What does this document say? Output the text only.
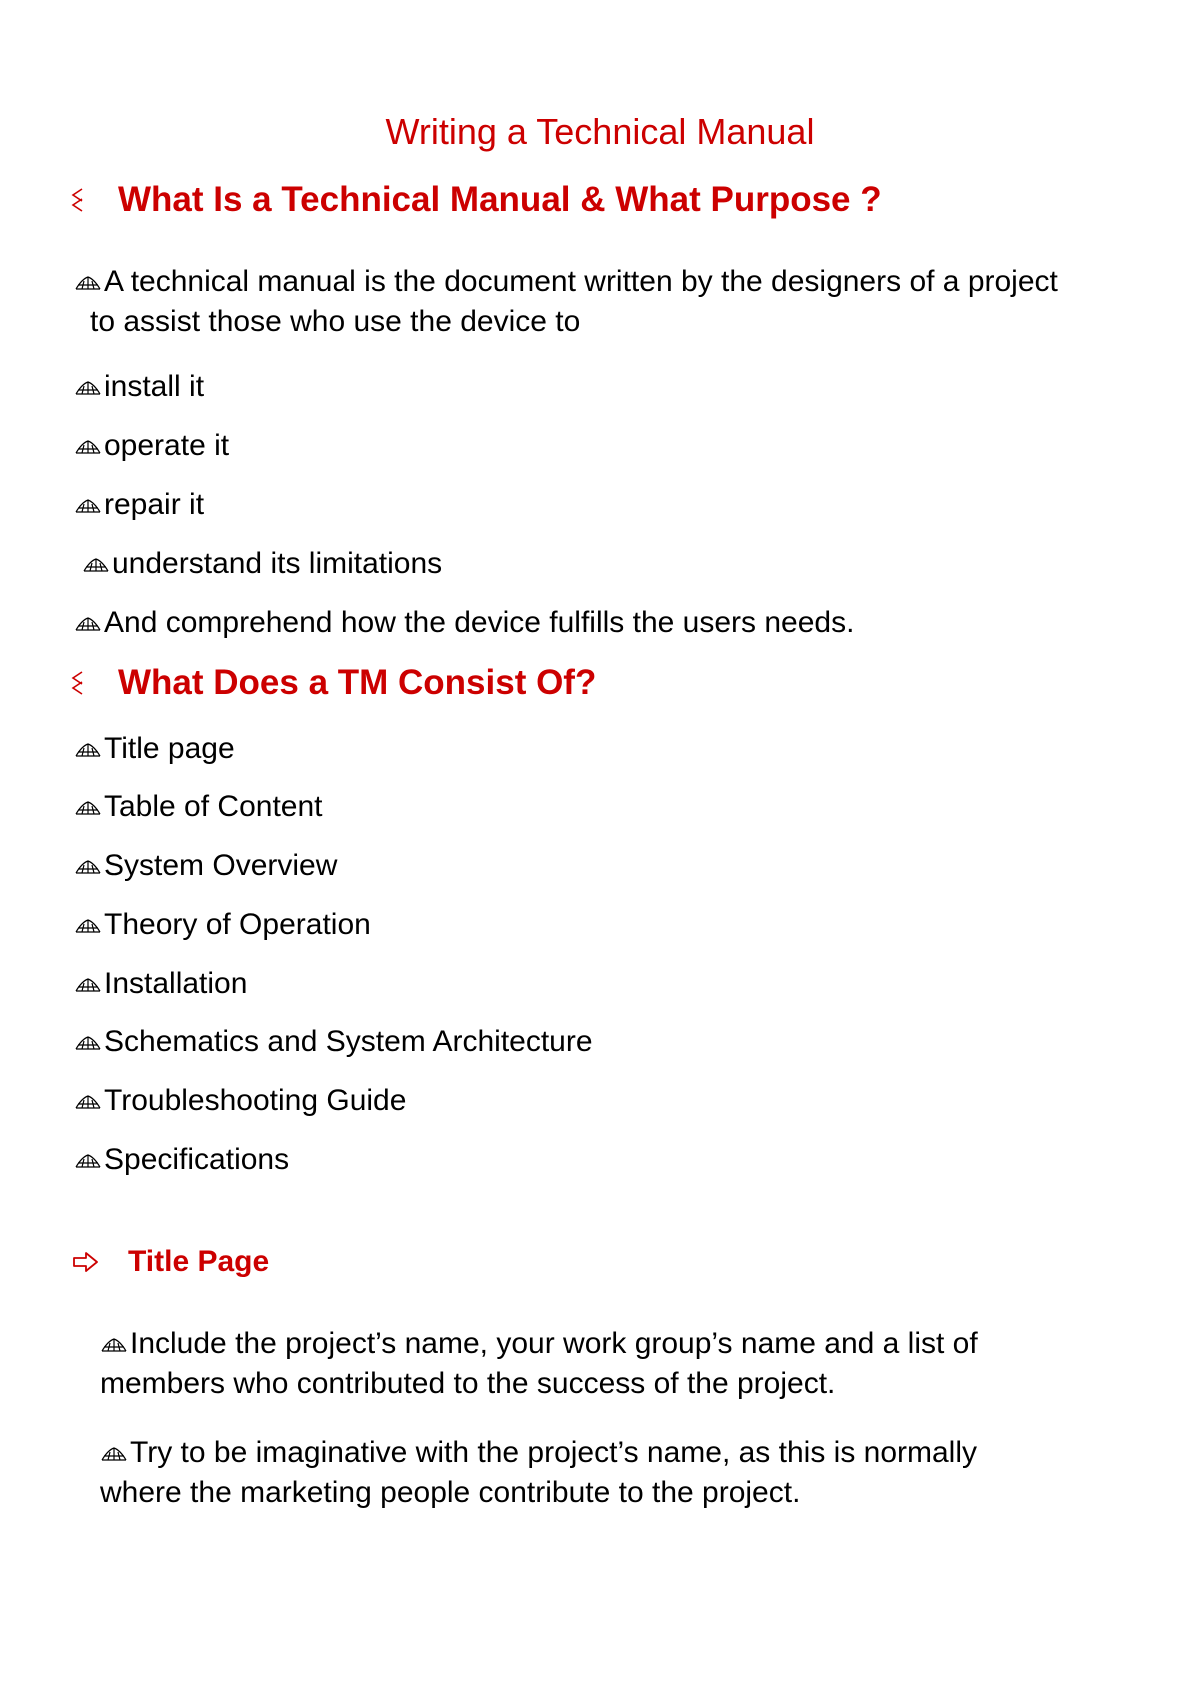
Writing a Technical Manual
What Is a Technical Manual & What Purpose ?
A technical manual is the document written by the designers of a project
to assist those who use the device to
install it
operate it
repair it
understand its limitations
And comprehend how the device fulfills the users needs.
What Does a TM Consist Of?
Title page
Table of Content
System Overview
Theory of Operation
Installation
Schematics and System Architecture
Troubleshooting Guide
Specifications
Title Page
Include the project’s name, your work group’s name and a list of
members who contributed to the success of the project.
Try to be imaginative with the project’s name, as this is normally
where the marketing people contribute to the project.
